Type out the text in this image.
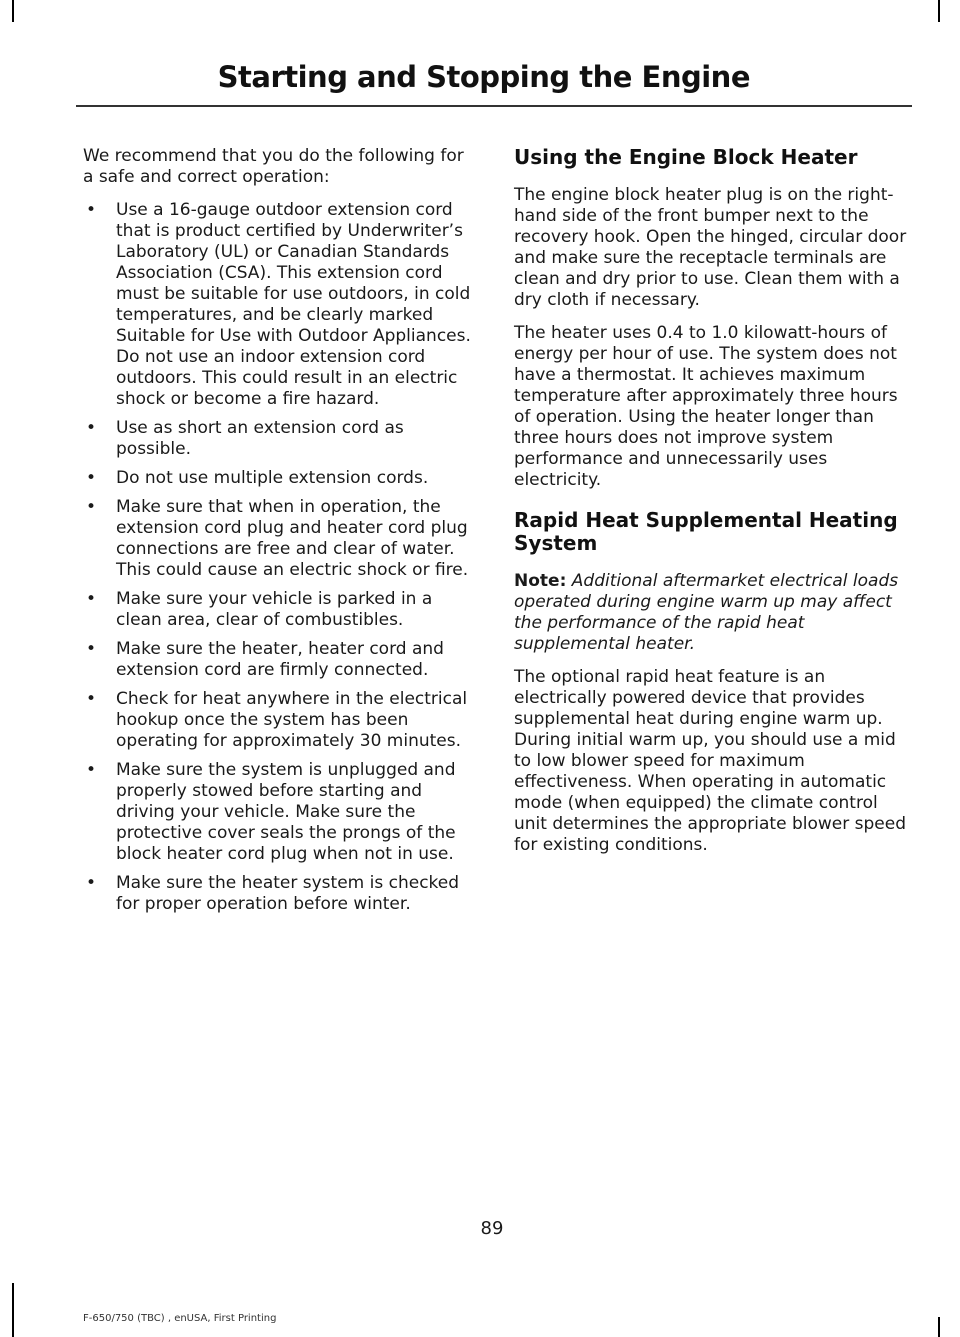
Starting and Stopping the Engine

We recommend that you do the following for a safe and correct operation:

• Use a 16-gauge outdoor extension cord that is product certified by Underwriter’s Laboratory (UL) or Canadian Standards Association (CSA). This extension cord must be suitable for use outdoors, in cold temperatures, and be clearly marked Suitable for Use with Outdoor Appliances. Do not use an indoor extension cord outdoors. This could result in an electric shock or become a fire hazard.
• Use as short an extension cord as possible.
• Do not use multiple extension cords.
• Make sure that when in operation, the extension cord plug and heater cord plug connections are free and clear of water. This could cause an electric shock or fire.
• Make sure your vehicle is parked in a clean area, clear of combustibles.
• Make sure the heater, heater cord and extension cord are firmly connected.
• Check for heat anywhere in the electrical hookup once the system has been operating for approximately 30 minutes.
• Make sure the system is unplugged and properly stowed before starting and driving your vehicle. Make sure the protective cover seals the prongs of the block heater cord plug when not in use.
• Make sure the heater system is checked for proper operation before winter.
Using the Engine Block Heater

The engine block heater plug is on the right-hand side of the front bumper next to the recovery hook. Open the hinged, circular door and make sure the receptacle terminals are clean and dry prior to use. Clean them with a dry cloth if necessary.

The heater uses 0.4 to 1.0 kilowatt-hours of energy per hour of use. The system does not have a thermostat. It achieves maximum temperature after approximately three hours of operation. Using the heater longer than three hours does not improve system performance and unnecessarily uses electricity.

Rapid Heat Supplemental Heating System

Note: Additional aftermarket electrical loads operated during engine warm up may affect the performance of the rapid heat supplemental heater.

The optional rapid heat feature is an electrically powered device that provides supplemental heat during engine warm up. During initial warm up, you should use a mid to low blower speed for maximum effectiveness. When operating in automatic mode (when equipped) the climate control unit determines the appropriate blower speed for existing conditions.

89
F-650/750 (TBC) , enUSA, First Printing
